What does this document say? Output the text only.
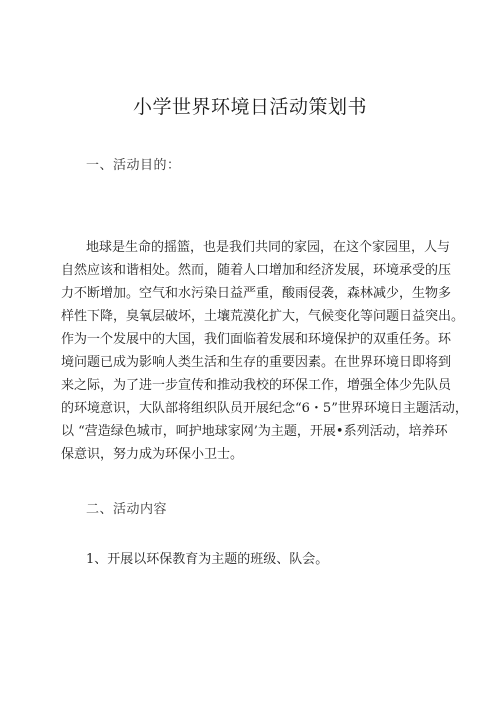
小学世界环境日活动策划书
一、活动目的：
地球是生命的摇篮，也是我们共同的家园，在这个家园里，人与
自然应该和谐相处。然而，随着人口增加和经济发展，环境承受的压
力不断增加。空气和水污染日益严重，酸雨侵袭，森林减少，生物多
样性下降，臭氧层破坏，土壤荒漠化扩大，气候变化等问题日益突出。
作为一个发展中的大国，我们面临着发展和环境保护的双重任务。环
境问题已成为影响人类生活和生存的重要因素。在世界环境日即将到
来之际，为了进一步宣传和推动我校的环保工作，增强全体少先队员
的环境意识，大队部将组织队员开展纪念“6・5”世界环境日主题活动，
以 “营造绿色城市，呵护地球家网’为主题，开展•系列活动，培养环
保意识，努力成为环保小卫士。
二、活动内容
1、开展以环保教育为主题的班级、队会。
